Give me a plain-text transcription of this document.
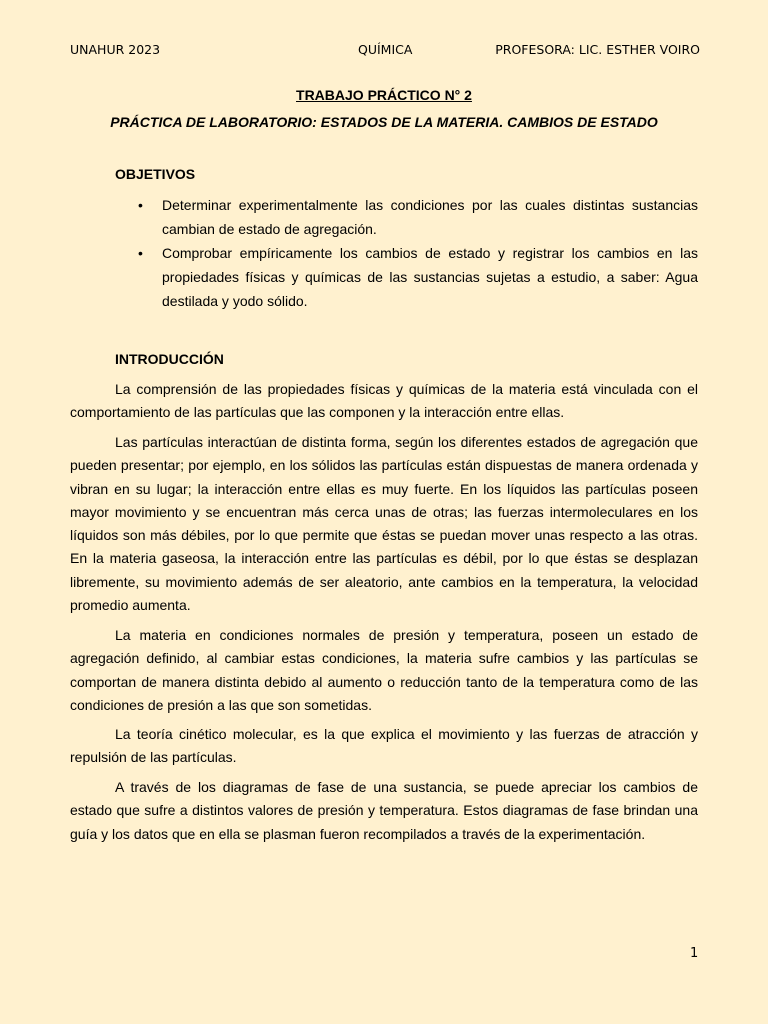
UNAHUR 2023	QUÍMICA	PROFESORA: LIC. ESTHER VOIRO
TRABAJO PRÁCTICO N° 2
PRÁCTICA DE LABORATORIO: ESTADOS DE LA MATERIA. CAMBIOS DE ESTADO
OBJETIVOS
• Determinar experimentalmente las condiciones por las cuales distintas sustancias cambian de estado de agregación.
• Comprobar empíricamente los cambios de estado y registrar los cambios en las propiedades físicas y químicas de las sustancias sujetas a estudio, a saber: Agua destilada y yodo sólido.
INTRODUCCIÓN

La comprensión de las propiedades físicas y químicas de la materia está vinculada con el comportamiento de las partículas que las componen y la interacción entre ellas.

Las partículas interactúan de distinta forma, según los diferentes estados de agregación que pueden presentar; por ejemplo, en los sólidos las partículas están dispuestas de manera ordenada y vibran en su lugar; la interacción entre ellas es muy fuerte. En los líquidos las partículas poseen mayor movimiento y se encuentran más cerca unas de otras; las fuerzas intermoleculares en los líquidos son más débiles, por lo que permite que éstas se puedan mover unas respecto a las otras. En la materia gaseosa, la interacción entre las partículas es débil, por lo que éstas se desplazan libremente, su movimiento además de ser aleatorio, ante cambios en la temperatura, la velocidad promedio aumenta.

La materia en condiciones normales de presión y temperatura, poseen un estado de agregación definido, al cambiar estas condiciones, la materia sufre cambios y las partículas se comportan de manera distinta debido al aumento o reducción tanto de la temperatura como de las condiciones de presión a las que son sometidas.

La teoría cinético molecular, es la que explica el movimiento y las fuerzas de atracción y repulsión de las partículas.

A través de los diagramas de fase de una sustancia, se puede apreciar los cambios de estado que sufre a distintos valores de presión y temperatura. Estos diagramas de fase brindan una guía y los datos que en ella se plasman fueron recompilados a través de la experimentación.

1
